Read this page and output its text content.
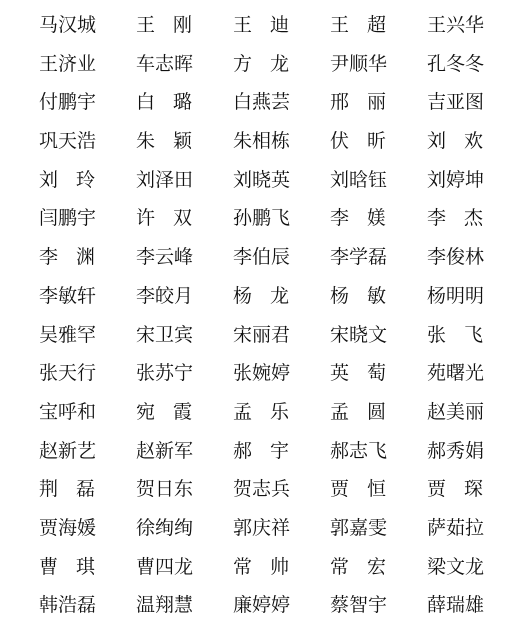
马汉城 王 刚 王 迪 王 超 王兴华
王济业 车志晖 方 龙 尹顺华 孔冬冬
付鹏宇 白 璐 白燕芸 邢 丽 吉亚图
巩天浩 朱 颖 朱相栋 伏 昕 刘 欢
刘 玲 刘泽田 刘晓英 刘晗钰 刘婷坤
闫鹏宇 许 双 孙鹏飞 李 媄 李 杰
李 渊 李云峰 李伯辰 李学磊 李俊林
李敏轩 李皎月 杨 龙 杨 敏 杨明明
吴雅罕 宋卫宾 宋丽君 宋晓文 张 飞
张天行 张苏宁 张婉婷 英 萄 苑曙光
宝呼和 宛 霞 孟 乐 孟 圆 赵美丽
赵新艺 赵新军 郝 宇 郝志飞 郝秀娟
荆 磊 贺日东 贺志兵 贾 恒 贾 琛
贾海媛 徐绚绚 郭庆祥 郭嘉雯 萨茹拉
曹 琪 曹四龙 常 帅 常 宏 梁文龙
韩浩磊 温翔慧 廉婷婷 蔡智宇 薛瑞雄
